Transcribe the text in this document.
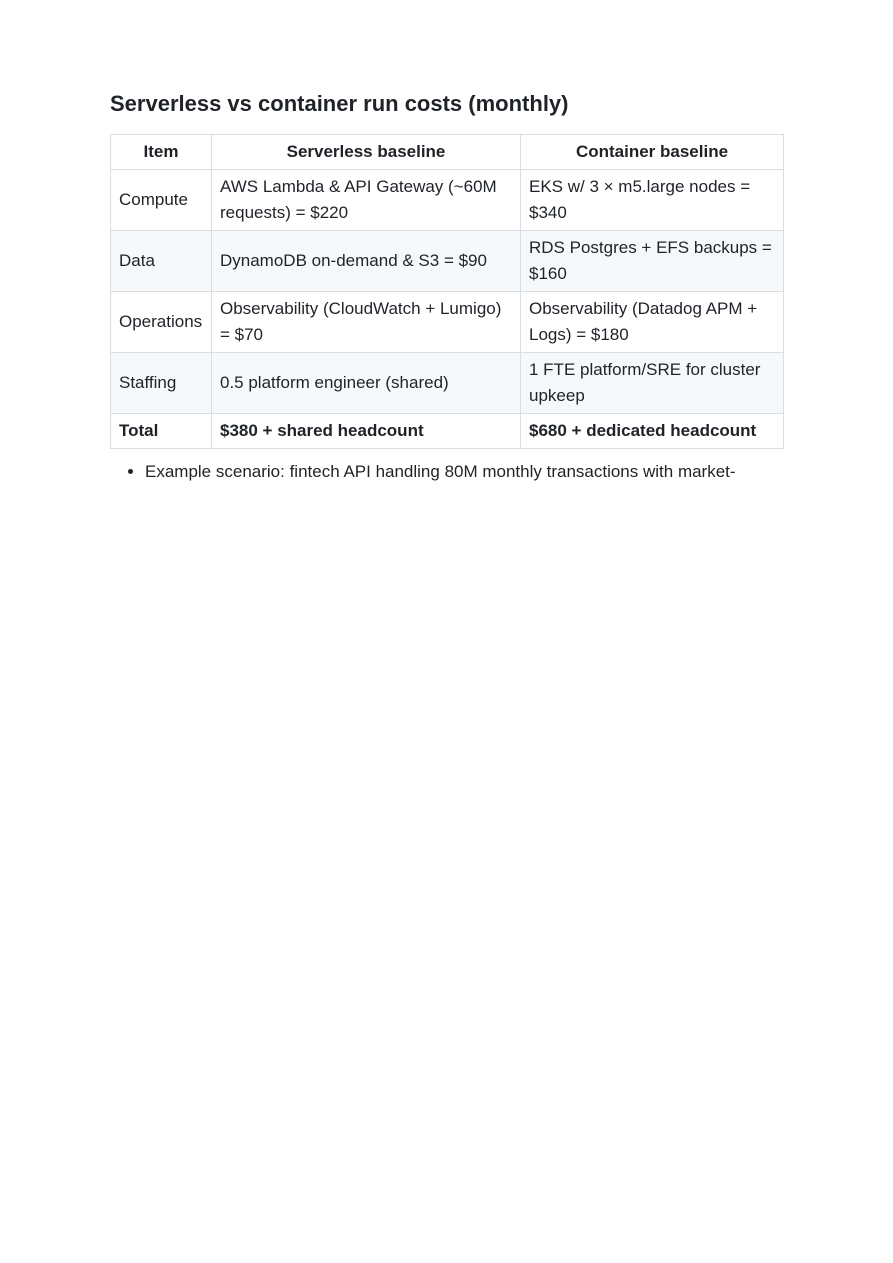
Serverless vs container run costs (monthly)
Item	Serverless baseline	Container baseline
Compute	AWS Lambda & API Gateway (~60M requests) = $220	EKS w/ 3 × m5.large nodes = $340
Data	DynamoDB on-demand & S3 = $90	RDS Postgres + EFS backups = $160
Operations	Observability (CloudWatch + Lumigo) = $70	Observability (Datadog APM + Logs) = $180
Staffing	0.5 platform engineer (shared)	1 FTE platform/SRE for cluster upkeep
Total	$380 + shared headcount	$680 + dedicated headcount
• Example scenario: fintech API handling 80M monthly transactions with market-
